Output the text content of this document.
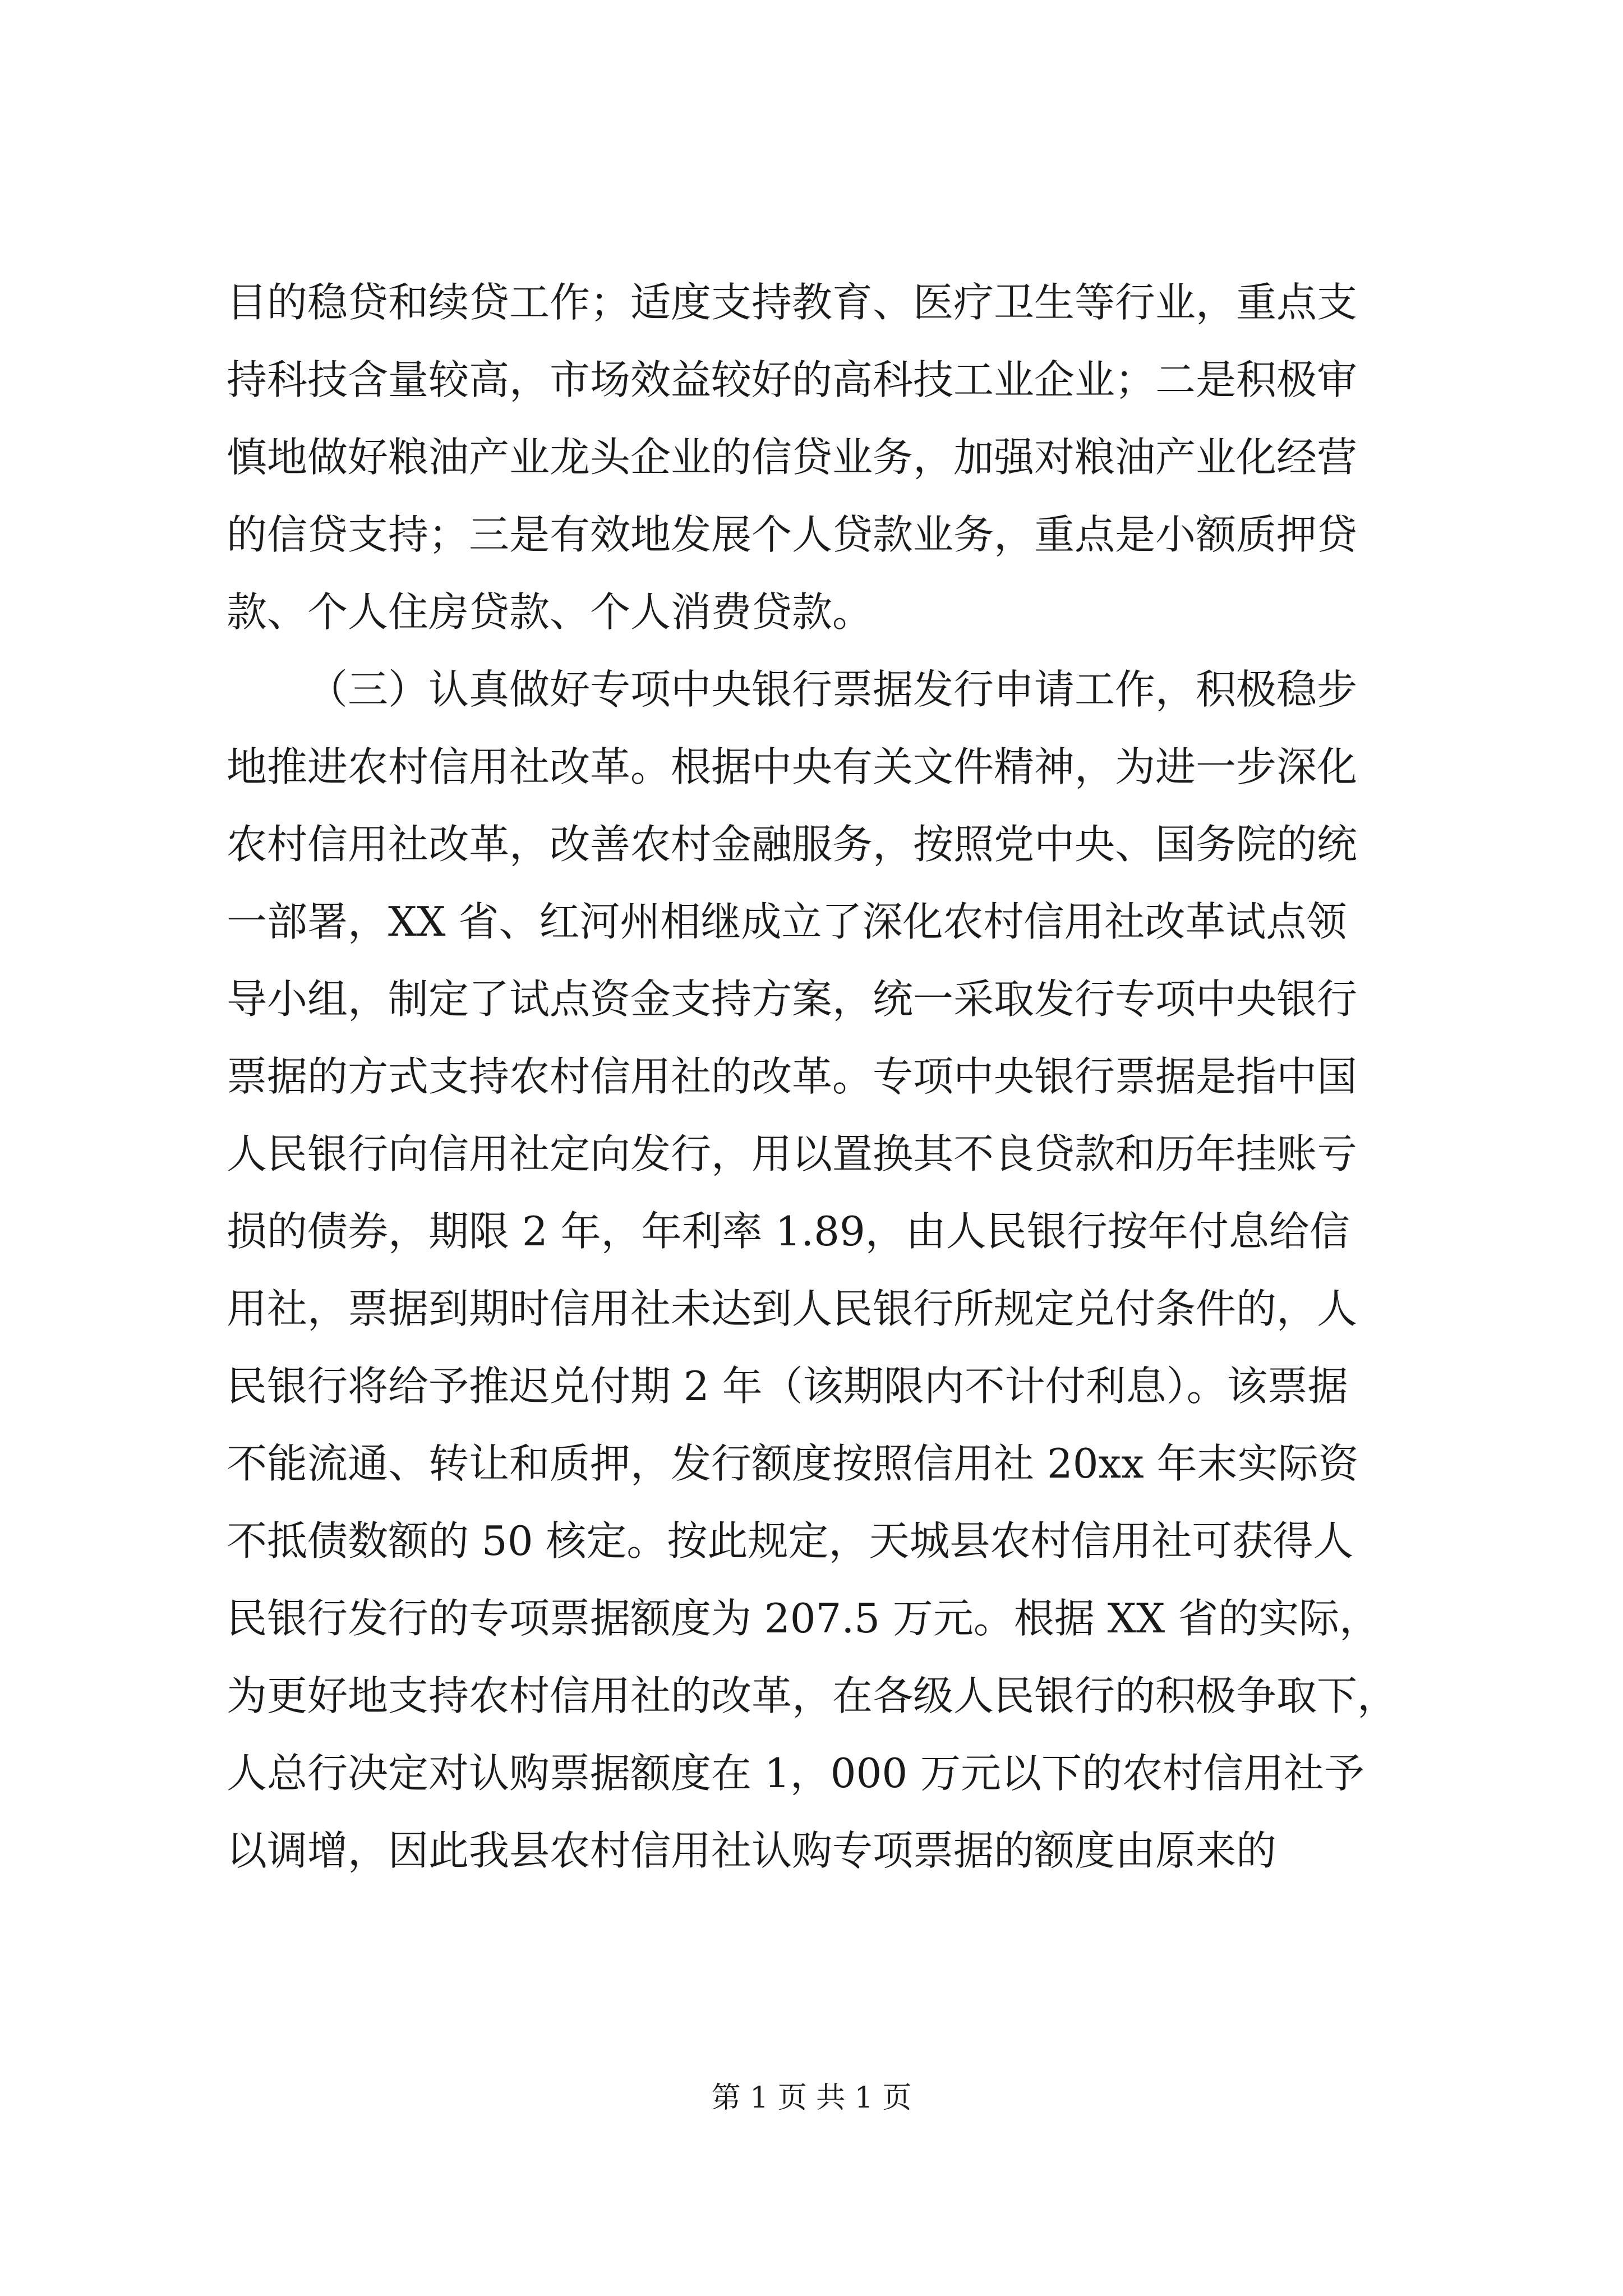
目的稳贷和续贷工作；适度支持教育、医疗卫生等行业，重点支
持科技含量较高，市场效益较好的高科技工业企业；二是积极审
慎地做好粮油产业龙头企业的信贷业务，加强对粮油产业化经营
的信贷支持；三是有效地发展个人贷款业务，重点是小额质押贷
款、个人住房贷款、个人消费贷款。
（三）认真做好专项中央银行票据发行申请工作，积极稳步
地推进农村信用社改革。根据中央有关文件精神，为进一步深化
农村信用社改革，改善农村金融服务，按照党中央、国务院的统
一部署，XX 省、红河州相继成立了深化农村信用社改革试点领
导小组，制定了试点资金支持方案，统一采取发行专项中央银行
票据的方式支持农村信用社的改革。专项中央银行票据是指中国
人民银行向信用社定向发行，用以置换其不良贷款和历年挂账亏
损的债券，期限 2 年，年利率 1.89，由人民银行按年付息给信
用社，票据到期时信用社未达到人民银行所规定兑付条件的，人
民银行将给予推迟兑付期 2 年（该期限内不计付利息）。该票据
不能流通、转让和质押，发行额度按照信用社 20xx 年末实际资
不抵债数额的 50 核定。按此规定，天城县农村信用社可获得人
民银行发行的专项票据额度为 207.5 万元。根据 XX 省的实际，
为更好地支持农村信用社的改革，在各级人民银行的积极争取下，
人总行决定对认购票据额度在 1，000 万元以下的农村信用社予
以调增，因此我县农村信用社认购专项票据的额度由原来的
第 1 页 共 1 页
